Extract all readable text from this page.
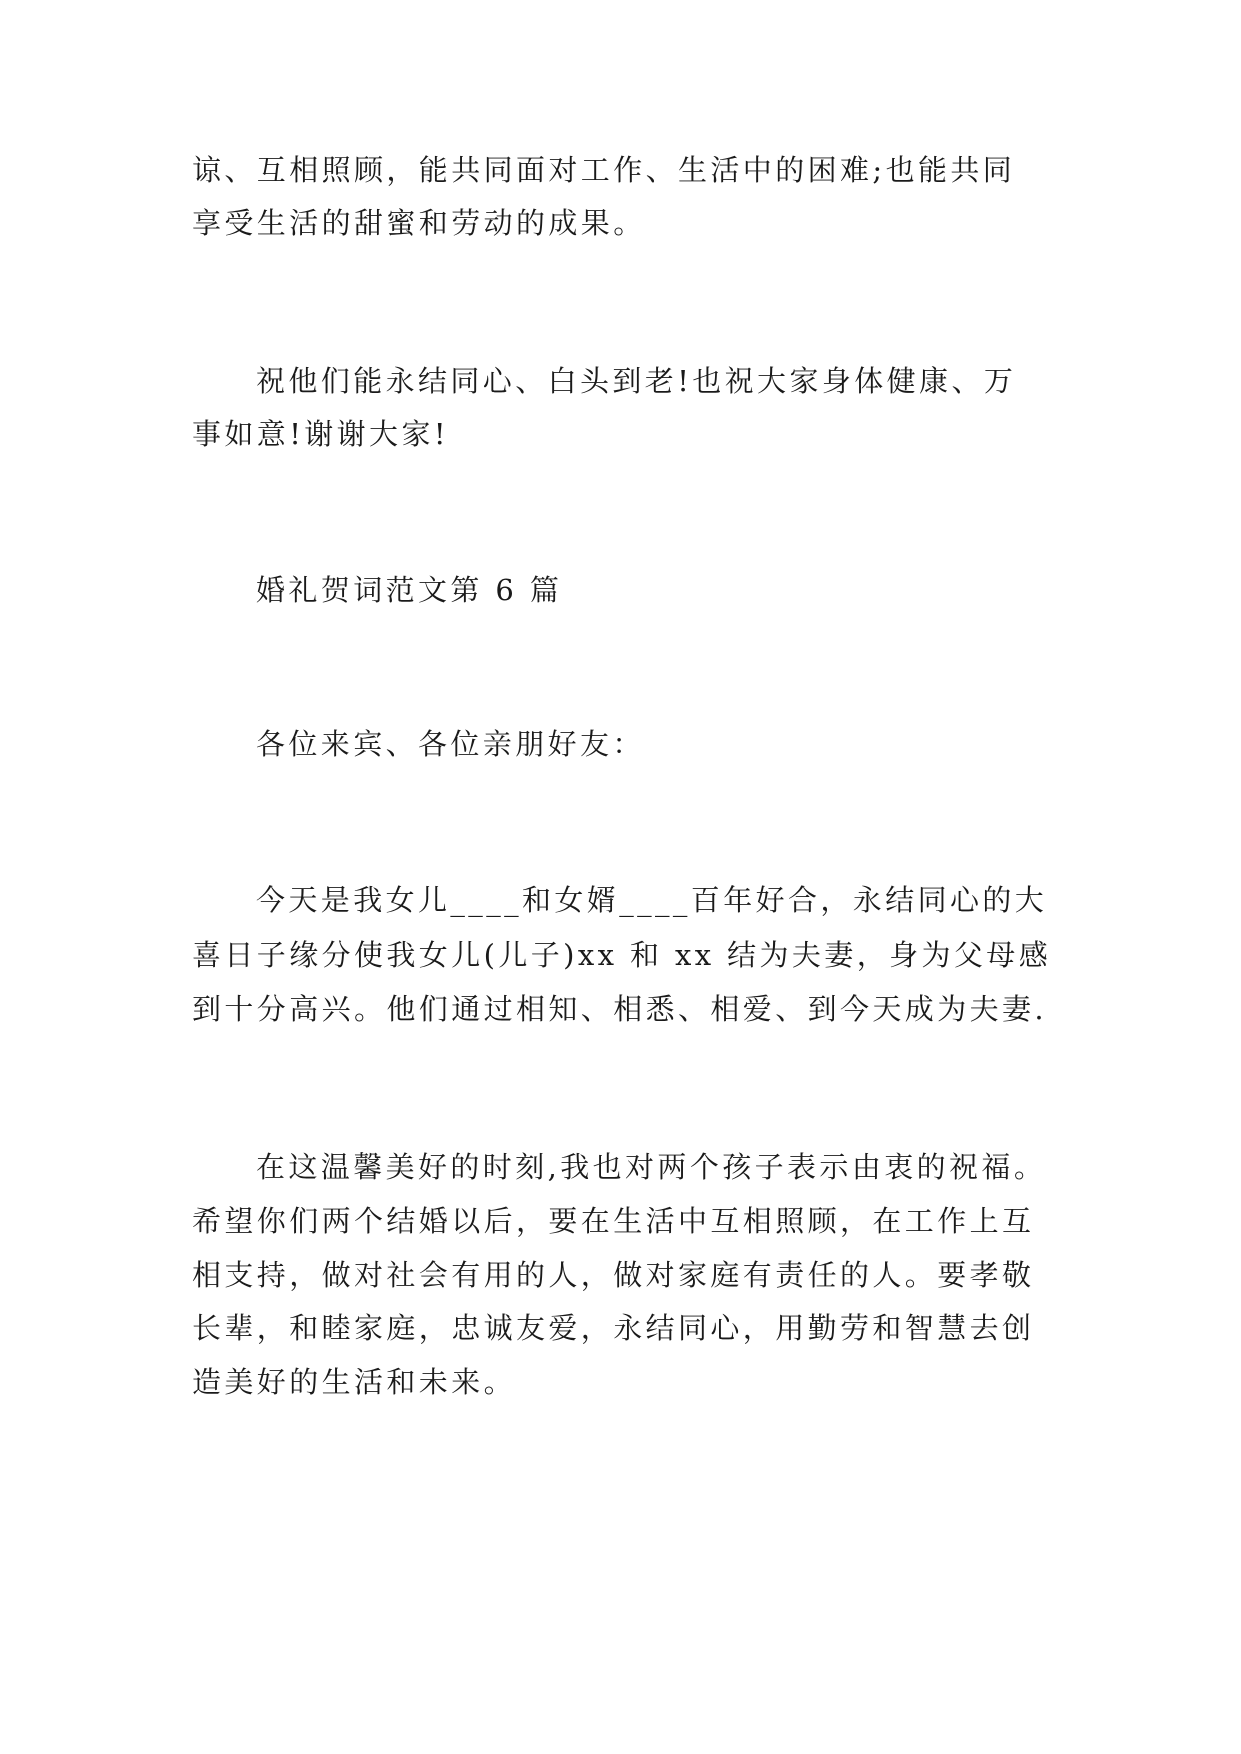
谅、互相照顾，能共同面对工作、生活中的困难;也能共同
享受生活的甜蜜和劳动的成果。
祝他们能永结同心、白头到老!也祝大家身体健康、万
事如意!谢谢大家!
婚礼贺词范文第 6 篇
各位来宾、各位亲朋好友：
今天是我女儿____和女婿____百年好合，永结同心的大
喜日子缘分使我女儿(儿子)xx 和 xx 结为夫妻，身为父母感
到十分高兴。他们通过相知、相悉、相爱、到今天成为夫妻.
在这温馨美好的时刻,我也对两个孩子表示由衷的祝福。
希望你们两个结婚以后，要在生活中互相照顾，在工作上互
相支持，做对社会有用的人，做对家庭有责任的人。要孝敬
长辈，和睦家庭，忠诚友爱，永结同心，用勤劳和智慧去创
造美好的生活和未来。
